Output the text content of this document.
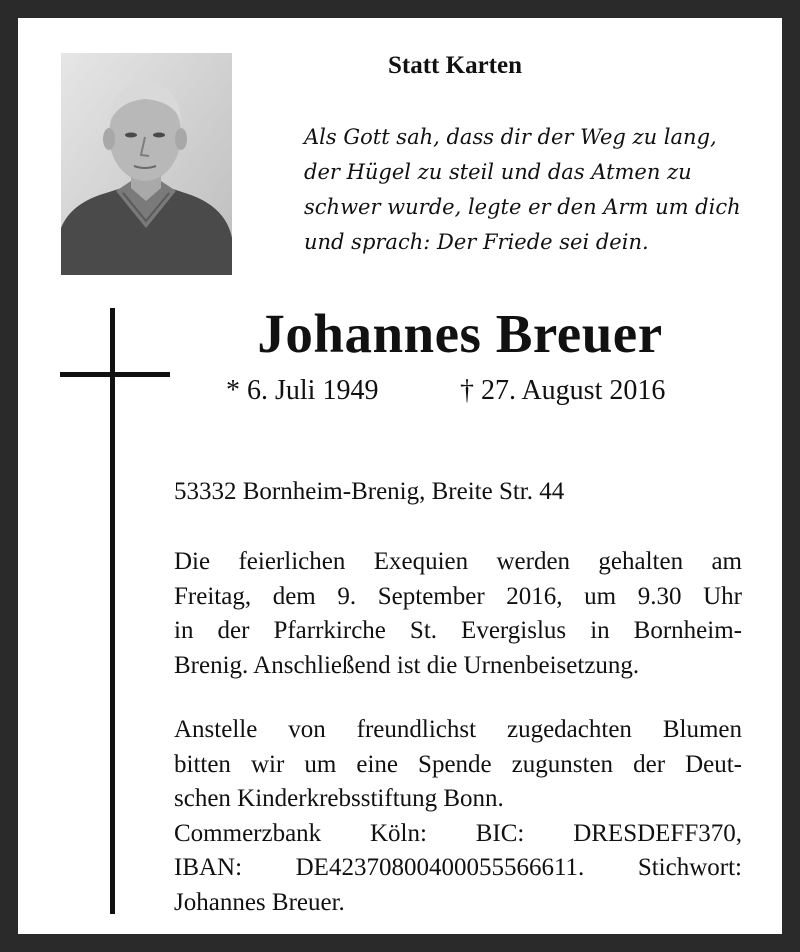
Statt Karten
Als Gott sah, dass dir der Weg zu lang,
der Hügel zu steil und das Atmen zu
schwer wurde, legte er den Arm um dich
und sprach: Der Friede sei dein.
Johannes Breuer
* 6. Juli 1949	† 27. August 2016
53332 Bornheim-Brenig, Breite Str. 44
Die feierlichen Exequien werden gehalten am
Freitag, dem 9. September 2016, um 9.30 Uhr
in der Pfarrkirche St. Evergislus in Bornheim-
Brenig. Anschließend ist die Urnenbeisetzung.
Anstelle von freundlichst zugedachten Blumen
bitten wir um eine Spende zugunsten der Deut-
schen Kinderkrebsstiftung Bonn.
Commerzbank Köln: BIC: DRESDEFF370,
IBAN: DE42370800400055566611. Stichwort:
Johannes Breuer.
